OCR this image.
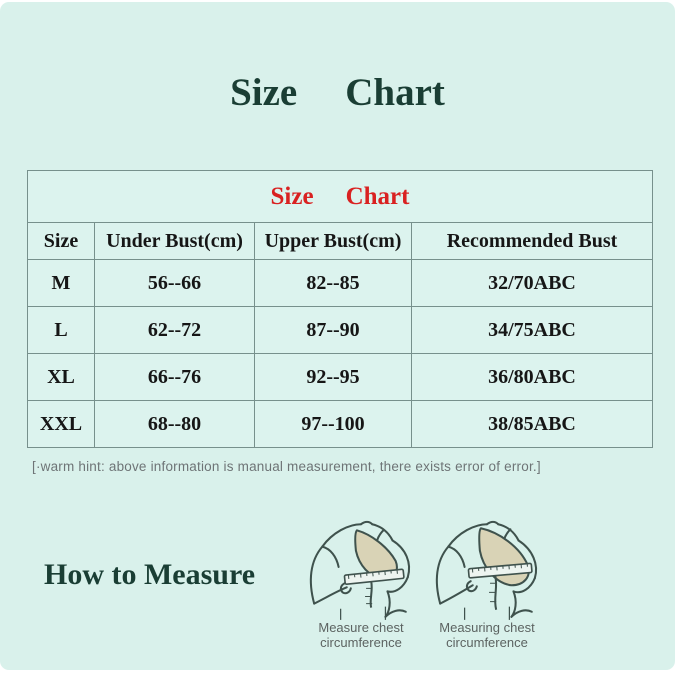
Size Chart
Size Chart			
Size	Under Bust(cm)	Upper Bust(cm)	Recommended Bust
M	56--66	82--85	32/70ABC
L	62--72	87--90	34/75ABC
XL	66--76	92--95	36/80ABC
XXL	68--80	97--100	38/85ABC

[·warm hint: above information is manual measurement, there exists error of error.]

How to Measure
Measure chest
circumference
Measuring chest
circumference
